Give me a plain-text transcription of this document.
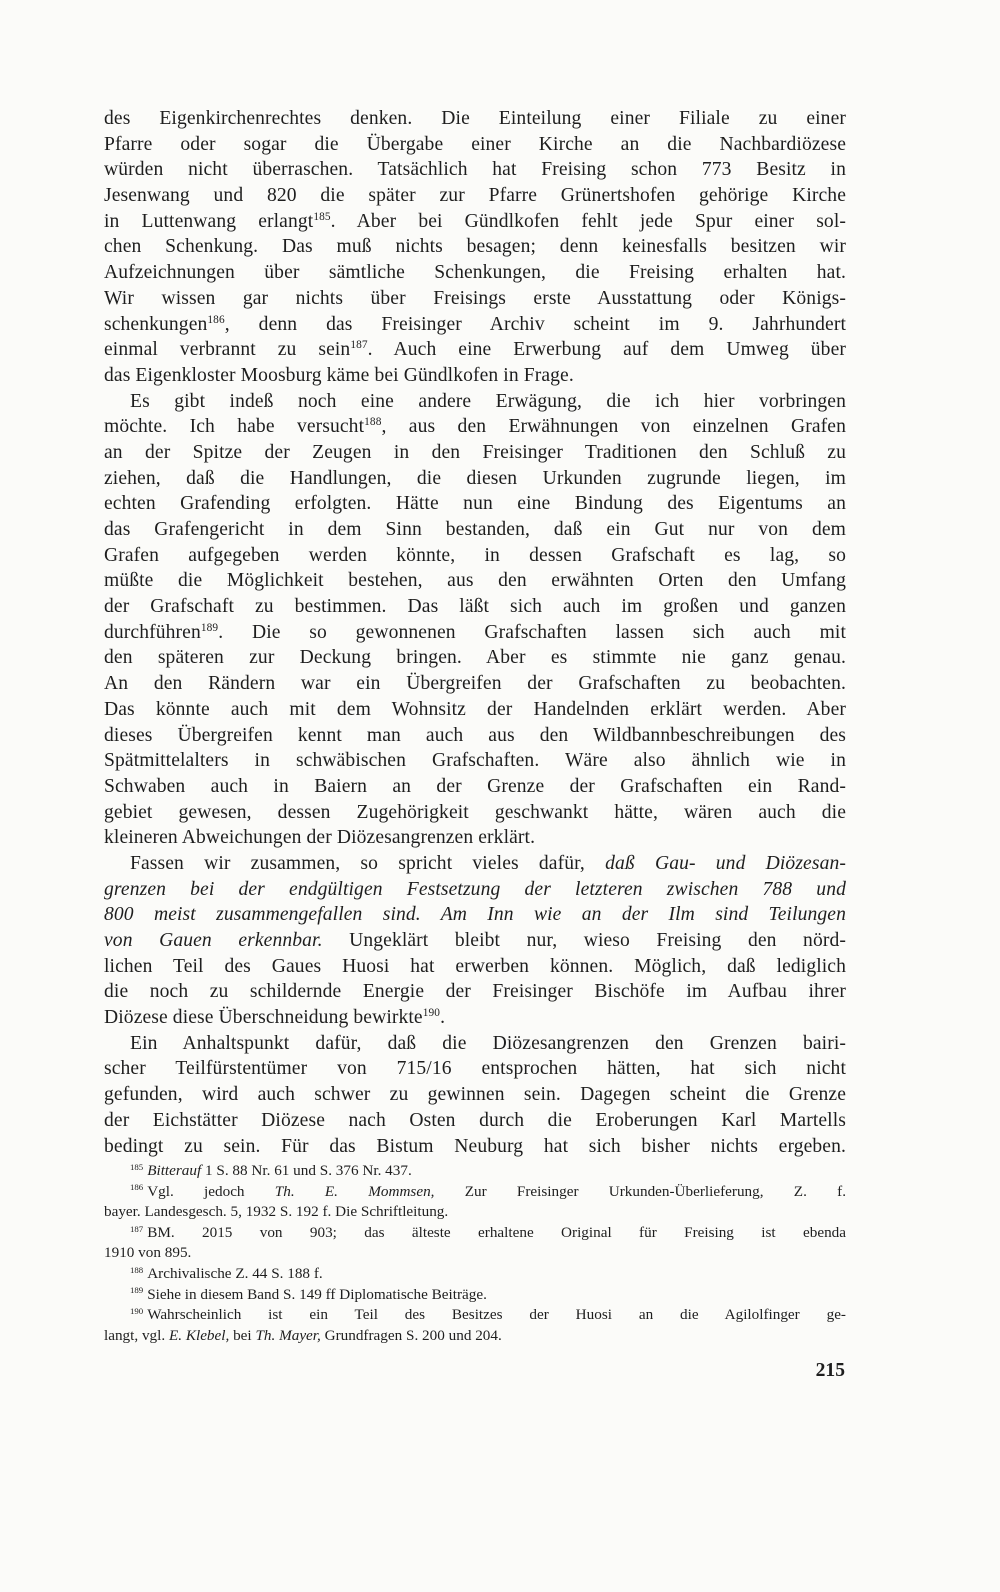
des Eigenkirchenrechtes denken. Die Einteilung einer Filiale zu einer
Pfarre oder sogar die Übergabe einer Kirche an die Nachbardiözese
würden nicht überraschen. Tatsächlich hat Freising schon 773 Besitz in
Jesenwang und 820 die später zur Pfarre Grünertshofen gehörige Kirche
in Luttenwang erlangt$^{185}$. Aber bei Gündlkofen fehlt jede Spur einer sol-
chen Schenkung. Das muß nichts besagen; denn keinesfalls besitzen wir
Aufzeichnungen über sämtliche Schenkungen, die Freising erhalten hat.
Wir wissen gar nichts über Freisings erste Ausstattung oder Königs-
schenkungen$^{186}$, denn das Freisinger Archiv scheint im 9. Jahrhundert
einmal verbrannt zu sein$^{187}$. Auch eine Erwerbung auf dem Umweg über
das Eigenkloster Moosburg käme bei Gündlkofen in Frage.
Es gibt indeß noch eine andere Erwägung, die ich hier vorbringen
möchte. Ich habe versucht$^{188}$, aus den Erwähnungen von einzelnen Grafen
an der Spitze der Zeugen in den Freisinger Traditionen den Schluß zu
ziehen, daß die Handlungen, die diesen Urkunden zugrunde liegen, im
echten Grafending erfolgten. Hätte nun eine Bindung des Eigentums an
das Grafengericht in dem Sinn bestanden, daß ein Gut nur von dem
Grafen aufgegeben werden könnte, in dessen Grafschaft es lag, so
müßte die Möglichkeit bestehen, aus den erwähnten Orten den Umfang
der Grafschaft zu bestimmen. Das läßt sich auch im großen und ganzen
durchführen$^{189}$. Die so gewonnenen Grafschaften lassen sich auch mit
den späteren zur Deckung bringen. Aber es stimmte nie ganz genau.
An den Rändern war ein Übergreifen der Grafschaften zu beobachten.
Das könnte auch mit dem Wohnsitz der Handelnden erklärt werden. Aber
dieses Übergreifen kennt man auch aus den Wildbannbeschreibungen des
Spätmittelalters in schwäbischen Grafschaften. Wäre also ähnlich wie in
Schwaben auch in Baiern an der Grenze der Grafschaften ein Rand-
gebiet gewesen, dessen Zugehörigkeit geschwankt hätte, wären auch die
kleineren Abweichungen der Diözesangrenzen erklärt.
Fassen wir zusammen, so spricht vieles dafür, daß Gau- und Diözesan-
grenzen bei der endgültigen Festsetzung der letzteren zwischen 788 und
800 meist zusammengefallen sind. Am Inn wie an der Ilm sind Teilungen
von Gauen erkennbar. Ungeklärt bleibt nur, wieso Freising den nörd-
lichen Teil des Gaues Huosi hat erwerben können. Möglich, daß lediglich
die noch zu schildernde Energie der Freisinger Bischöfe im Aufbau ihrer
Diözese diese Überschneidung bewirkte$^{190}$.
Ein Anhaltspunkt dafür, daß die Diözesangrenzen den Grenzen bairi-
scher Teilfürstentümer von 715/16 entsprochen hätten, hat sich nicht
gefunden, wird auch schwer zu gewinnen sein. Dagegen scheint die Grenze
der Eichstätter Diözese nach Osten durch die Eroberungen Karl Martells
bedingt zu sein. Für das Bistum Neuburg hat sich bisher nichts ergeben.
$^{185}$ Bitterauf 1 S. 88 Nr. 61 und S. 376 Nr. 437.
$^{186}$ Vgl. jedoch Th. E. Mommsen, Zur Freisinger Urkunden-Überlieferung, Z. f.
bayer. Landesgesch. 5, 1932 S. 192 f. Die Schriftleitung.
$^{187}$ BM. 2015 von 903; das älteste erhaltene Original für Freising ist ebenda
1910 von 895.
$^{188}$ Archivalische Z. 44 S. 188 f.
$^{189}$ Siehe in diesem Band S. 149 ff Diplomatische Beiträge.
$^{190}$ Wahrscheinlich ist ein Teil des Besitzes der Huosi an die Agilolfinger ge-
langt, vgl. E. Klebel, bei Th. Mayer, Grundfragen S. 200 und 204.
215
